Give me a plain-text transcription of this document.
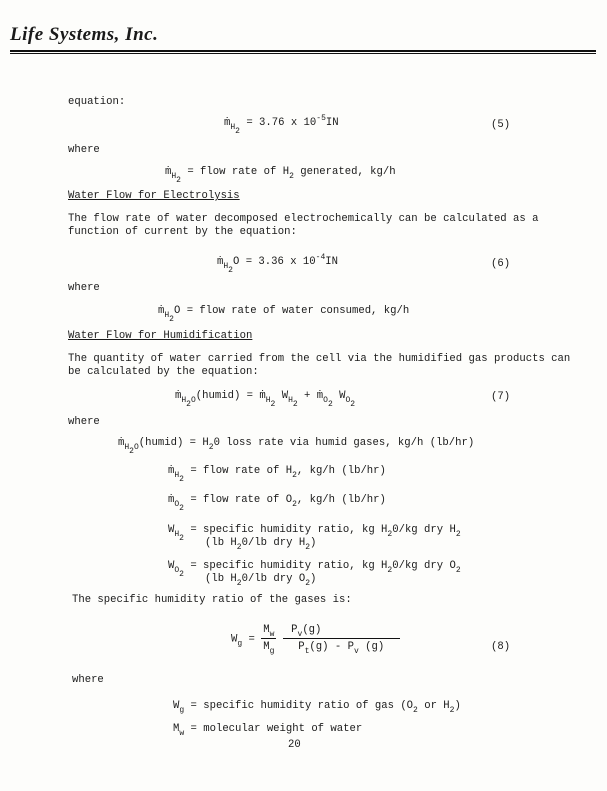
Life Systems, Inc.
equation:
ṁ$_{H_2}$ = 3.76 x $10^{-5}IN$	(5)
where
ṁ$_{H_2}$ = flow rate of $H_2$ generated, kg/h
Water Flow for Electrolysis
The flow rate of water decomposed electrochemically can be calculated as a
function of current by the equation:
ṁ$_{H_2}$O = 3.36 x $10^{-4}IN$	(6)
where
ṁ$_{H_2}$O = flow rate of water consumed, kg/h
Water Flow for Humidification
The quantity of water carried from the cell via the humidified gas products can
be calculated by the equation:
ṁ$_{H_2O}$(humid) = ṁ$_{H_2}$ $W_{H_2}$ + ṁ$_{O_2}$ $W_{O_2}$
(7)
where
ṁ$_{H_2O}$(humid) = $H_20$ loss rate via humid gases, kg/h (lb/hr)
ṁ$_{H_2}$ = flow rate of $H_2$, kg/h (lb/hr)
ṁ$_{O_2}$ = flow rate of $O_2$, kg/h (lb/hr)
$W_{H_2}$ = specific humidity ratio, kg $H_20/kg$ dry $H_2$
(lb $H_20/lb$ dry $H_2$)
$W_{O_2}$ = specific humidity ratio, kg $H_20/kg$ dry $O_2$
(lb $H_20/lb$ dry $O_2$)
The specific humidity ratio of the gases is:
$W_g = \frac{M_w}{M_g}$
$\frac{P_v(g)}{P_t(g) - P_v (g)}$	(8)
where
$W_g$ = specific humidity ratio of gas ($O_2$ or $H_2$)
$M_w$ = molecular weight of water
20
